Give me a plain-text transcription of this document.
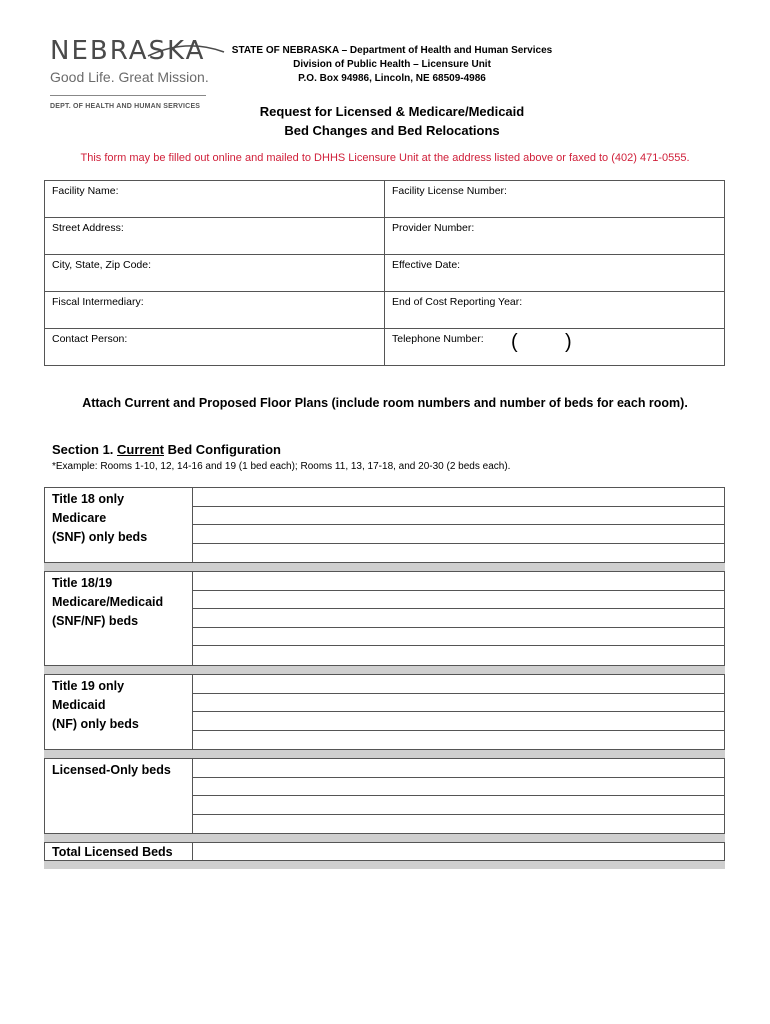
NEBRASKA
Good Life. Great Mission.
DEPT. OF HEALTH AND HUMAN SERVICES
STATE OF NEBRASKA – Department of Health and Human Services
Division of Public Health – Licensure Unit
P.O. Box 94986, Lincoln, NE 68509-4986
Request for Licensed & Medicare/Medicaid
Bed Changes and Bed Relocations
This form may be filled out online and mailed to DHHS Licensure Unit at the address listed above or faxed to (402) 471-0555.
Facility Name:	Facility License Number:
Street Address:	Provider Number:
City, State, Zip Code:	Effective Date:
Fiscal Intermediary:	End of Cost Reporting Year:
Contact Person:	Telephone Number: ( )
Attach Current and Proposed Floor Plans (include room numbers and number of beds for each room).
Section 1. Current Bed Configuration
*Example: Rooms 1-10, 12, 14-16 and 19 (1 bed each); Rooms 11, 13, 17-18, and 20-30 (2 beds each).
Title 18 only
Medicare
(SNF) only beds
Title 18/19
Medicare/Medicaid
(SNF/NF) beds
Title 19 only
Medicaid
(NF) only beds
Licensed-Only beds
Total Licensed Beds
